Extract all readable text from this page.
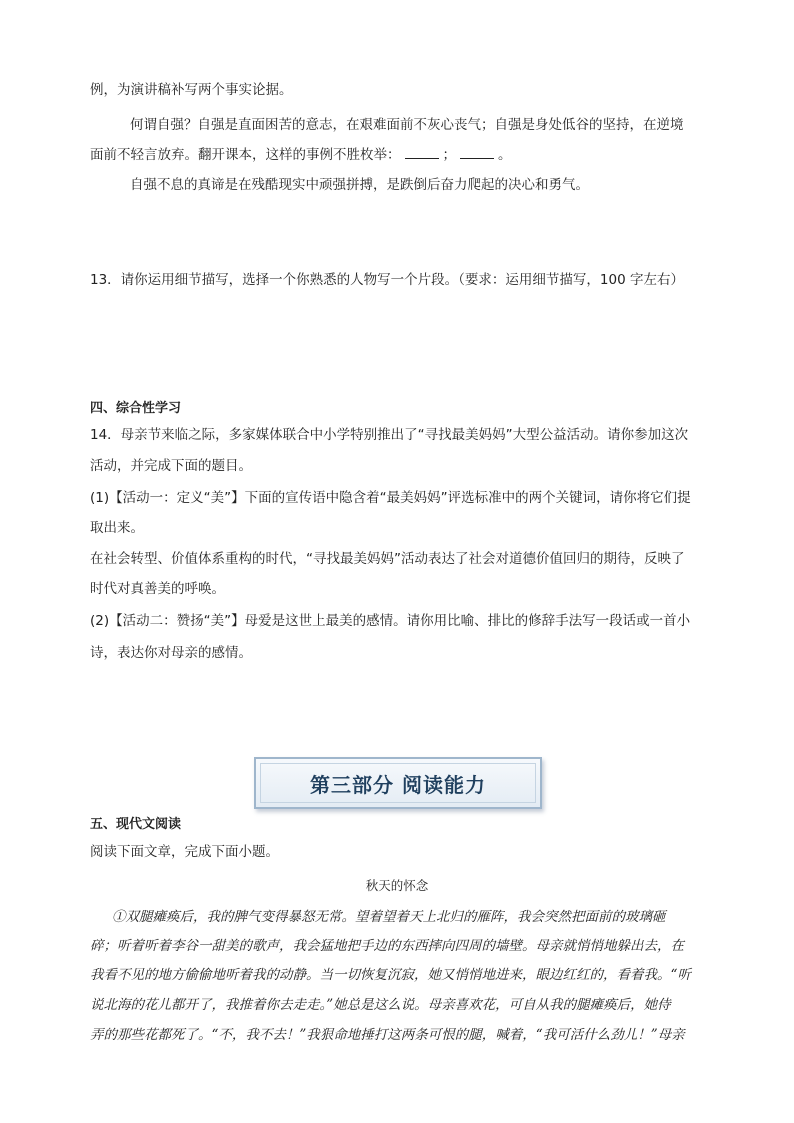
例，为演讲稿补写两个事实论据。
何谓自强？自强是直面困苦的意志，在艰难面前不灰心丧气；自强是身处低谷的坚持，在逆境
面前不轻言放弃。翻开课本，这样的事例不胜枚举：	；	。
自强不息的真谛是在残酷现实中顽强拼搏，是跌倒后奋力爬起的决心和勇气。
13．请你运用细节描写，选择一个你熟悉的人物写一个片段。（要求：运用细节描写，100 字左右）
四、综合性学习
14．母亲节来临之际，多家媒体联合中小学特别推出了“寻找最美妈妈”大型公益活动。请你参加这次
活动，并完成下面的题目。
(1)【活动一：定义“美”】下面的宣传语中隐含着“最美妈妈”评选标准中的两个关键词，请你将它们提
取出来。
在社会转型、价值体系重构的时代，“寻找最美妈妈”活动表达了社会对道德价值回归的期待，反映了
时代对真善美的呼唤。
(2)【活动二：赞扬“美”】母爱是这世上最美的感情。请你用比喻、排比的修辞手法写一段话或一首小
诗，表达你对母亲的感情。
第三部分 阅读能力
五、现代文阅读
阅读下面文章，完成下面小题。
秋天的怀念
①双腿瘫痪后，我的脾气变得暴怒无常。望着望着天上北归的雁阵，我会突然把面前的玻璃砸
碎；听着听着李谷一甜美的歌声，我会猛地把手边的东西摔向四周的墙壁。母亲就悄悄地躲出去，在
我看不见的地方偷偷地听着我的动静。当一切恢复沉寂，她又悄悄地进来，眼边红红的，看着我。“听
说北海的花儿都开了，我推着你去走走。”她总是这么说。母亲喜欢花，可自从我的腿瘫痪后，她侍
弄的那些花都死了。“不，我不去！”我狠命地捶打这两条可恨的腿，喊着，“我可活什么劲儿！”母亲
